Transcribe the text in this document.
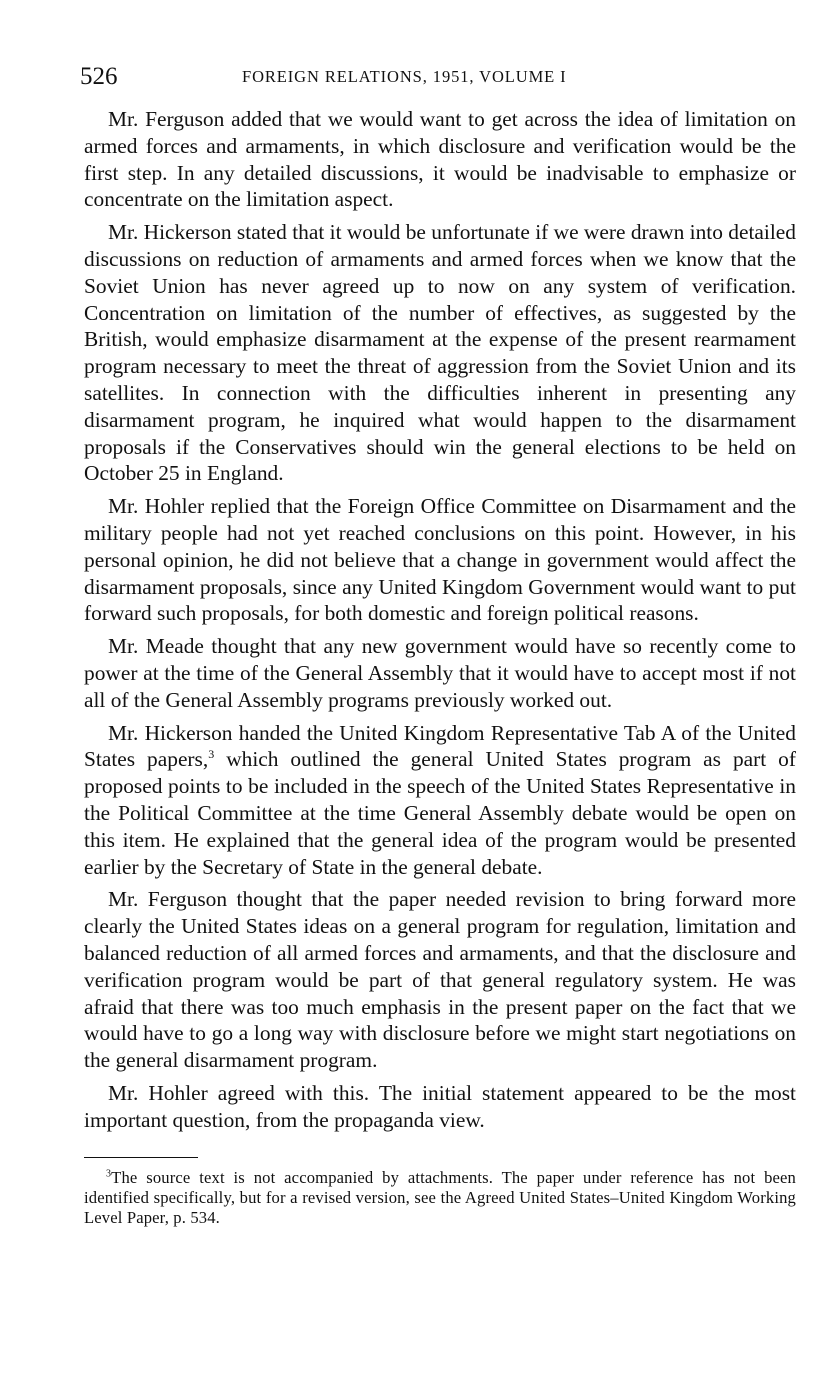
526	FOREIGN RELATIONS, 1951, VOLUME I

Mr. Ferguson added that we would want to get across the idea of limitation on armed forces and armaments, in which disclosure and verification would be the first step. In any detailed discussions, it would be inadvisable to emphasize or concentrate on the limitation aspect.

Mr. Hickerson stated that it would be unfortunate if we were drawn into detailed discussions on reduction of armaments and armed forces when we know that the Soviet Union has never agreed up to now on any system of verification. Concentration on limitation of the number of effectives, as suggested by the British, would emphasize disarmament at the expense of the present rearmament program necessary to meet the threat of aggression from the Soviet Union and its satellites. In connection with the difficulties inherent in presenting any disarmament program, he inquired what would happen to the disarmament proposals if the Conservatives should win the general elections to be held on October 25 in England.

Mr. Hohler replied that the Foreign Office Committee on Disarmament and the military people had not yet reached conclusions on this point. However, in his personal opinion, he did not believe that a change in government would affect the disarmament proposals, since any United Kingdom Government would want to put forward such proposals, for both domestic and foreign political reasons.

Mr. Meade thought that any new government would have so recently come to power at the time of the General Assembly that it would have to accept most if not all of the General Assembly programs previously worked out.

Mr. Hickerson handed the United Kingdom Representative Tab A of the United States papers,$^3$ which outlined the general United States program as part of proposed points to be included in the speech of the United States Representative in the Political Committee at the time General Assembly debate would be open on this item. He explained that the general idea of the program would be presented earlier by the Secretary of State in the general debate.

Mr. Ferguson thought that the paper needed revision to bring forward more clearly the United States ideas on a general program for regulation, limitation and balanced reduction of all armed forces and armaments, and that the disclosure and verification program would be part of that general regulatory system. He was afraid that there was too much emphasis in the present paper on the fact that we would have to go a long way with disclosure before we might start negotiations on the general disarmament program.

Mr. Hohler agreed with this. The initial statement appeared to be the most important question, from the propaganda view.

$^3$The source text is not accompanied by attachments. The paper under reference has not been identified specifically, but for a revised version, see the Agreed United States–United Kingdom Working Level Paper, p. 534.
